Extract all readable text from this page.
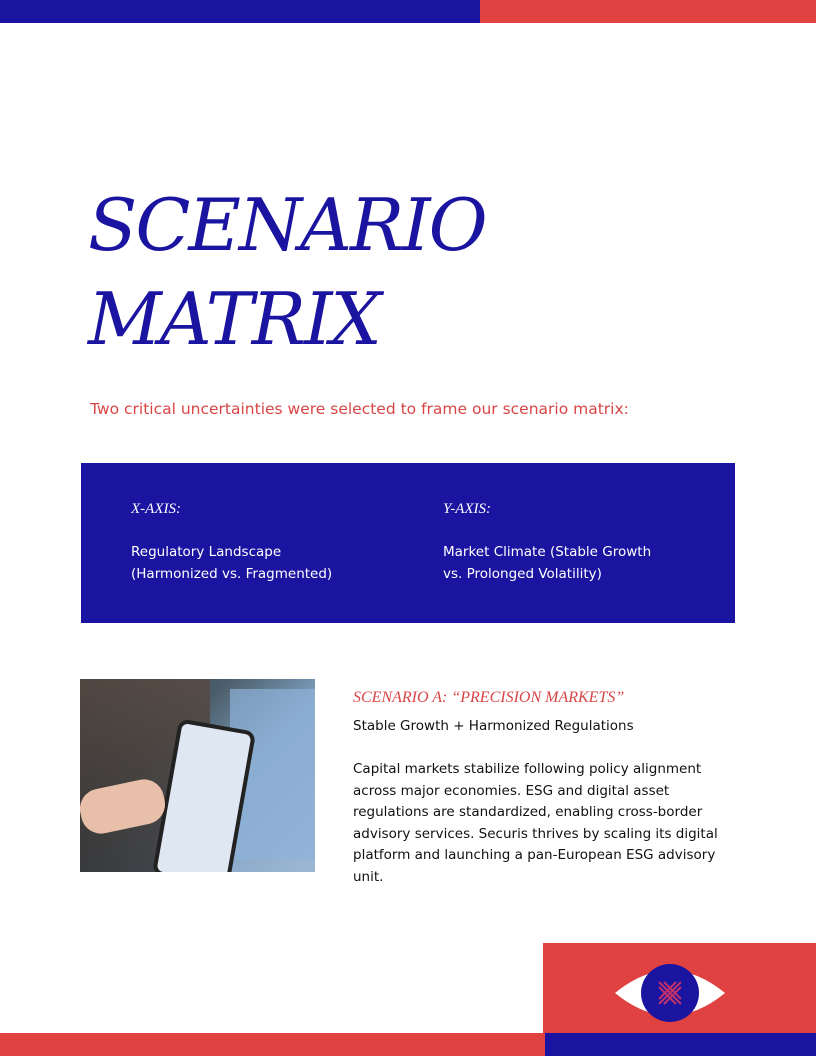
SCENARIO
MATRIX
Two critical uncertainties were selected to frame our scenario matrix:
X-AXIS:
Regulatory Landscape
(Harmonized vs. Fragmented)
Y-AXIS:
Market Climate (Stable Growth
vs. Prolonged Volatility)
SCENARIO A: “PRECISION MARKETS”
Stable Growth + Harmonized Regulations
Capital markets stabilize following policy alignment across major economies. ESG and digital asset regulations are standardized, enabling cross-border advisory services. Securis thrives by scaling its digital platform and launching a pan-European ESG advisory unit.
